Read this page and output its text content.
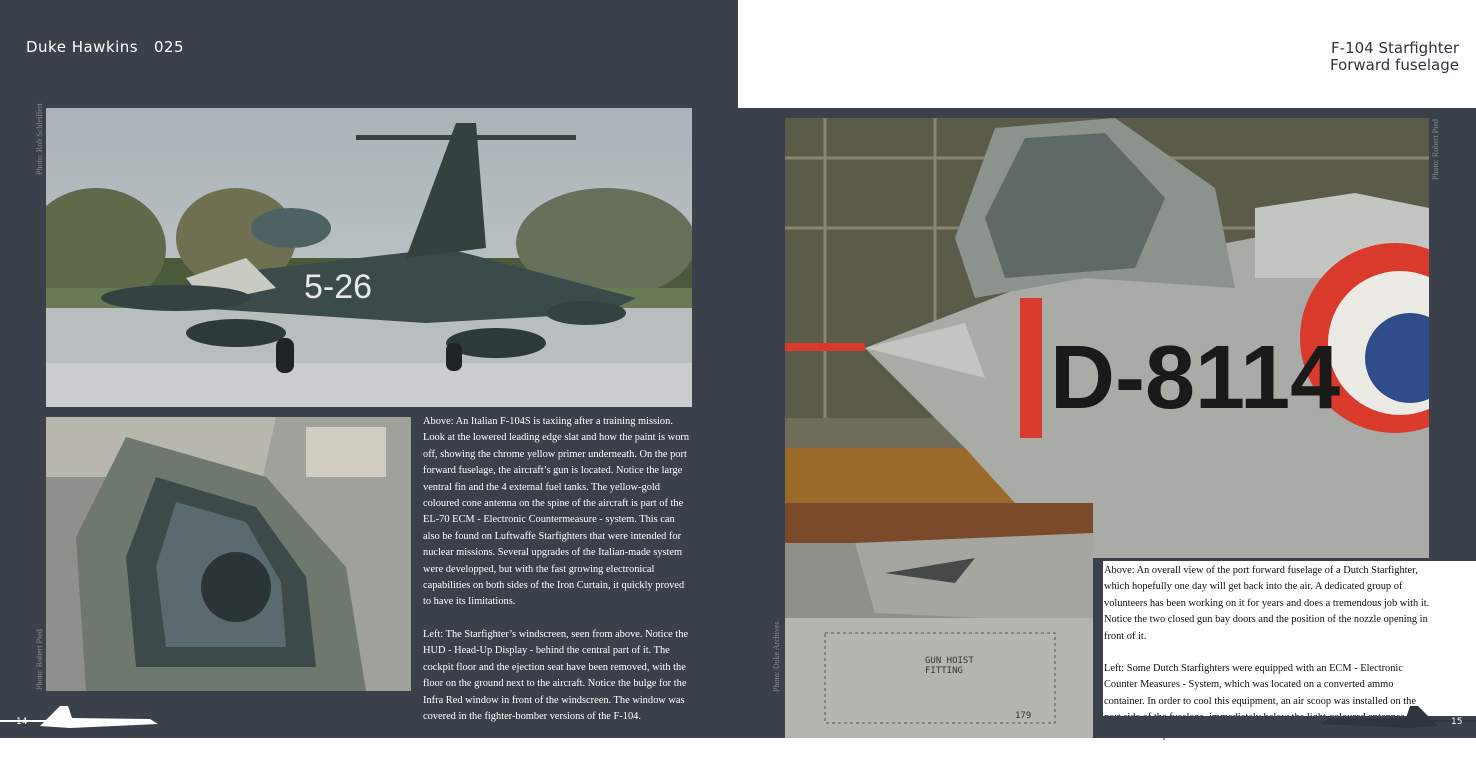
Duke Hawkins 025
5-26
Photo: Rob Schleiffert
Photo: Robert Pied

Above: An Italian F-104S is taxiing after a training mission. Look at the lowered leading edge slat and how the paint is worn off, showing the chrome yellow primer underneath. On the port forward fuselage, the aircraft’s gun is located. Notice the large ventral fin and the 4 external fuel tanks. The yellow-gold coloured cone antenna on the spine of the aircraft is part of the EL-70 ECM - Electronic Countermeasure - system. This can also be found on Luftwaffe Starfighters that were intended for nuclear missions. Several upgrades of the Italian-made system were developped, but with the fast growing electronical capabilities on both sides of the Iron Curtain, it quickly proved to have its limitations.

Left: The Starfighter’s windscreen, seen from above. Notice the HUD - Head-Up Display - behind the central part of it. The cockpit floor and the ejection seat have been removed, with the floor on the ground next to the aircraft. Notice the bulge for the Infra Red window in front of the windscreen. The window was covered in the fighter-bomber versions of the F-104.

14
F-104 Starfighter
Forward fuselage
D-8114
Photo: Robert Pied
GUN HOIST
FITTING
179
Photo: Duke Archives

Above: An overall view of the port forward fuselage of a Dutch Starfighter, which hopefully one day will get back into the air. A dedicated group of volunteers has been working on it for years and does a tremendous job with it. Notice the two closed gun bay doors and the position of the nozzle opening in front of it.

Left: Some Dutch Starfighters were equipped with an ECM - Electronic Counter Measures - System, which was located on a converted ammo container. In order to cool this equipment, an air scoop was installed on the

15
